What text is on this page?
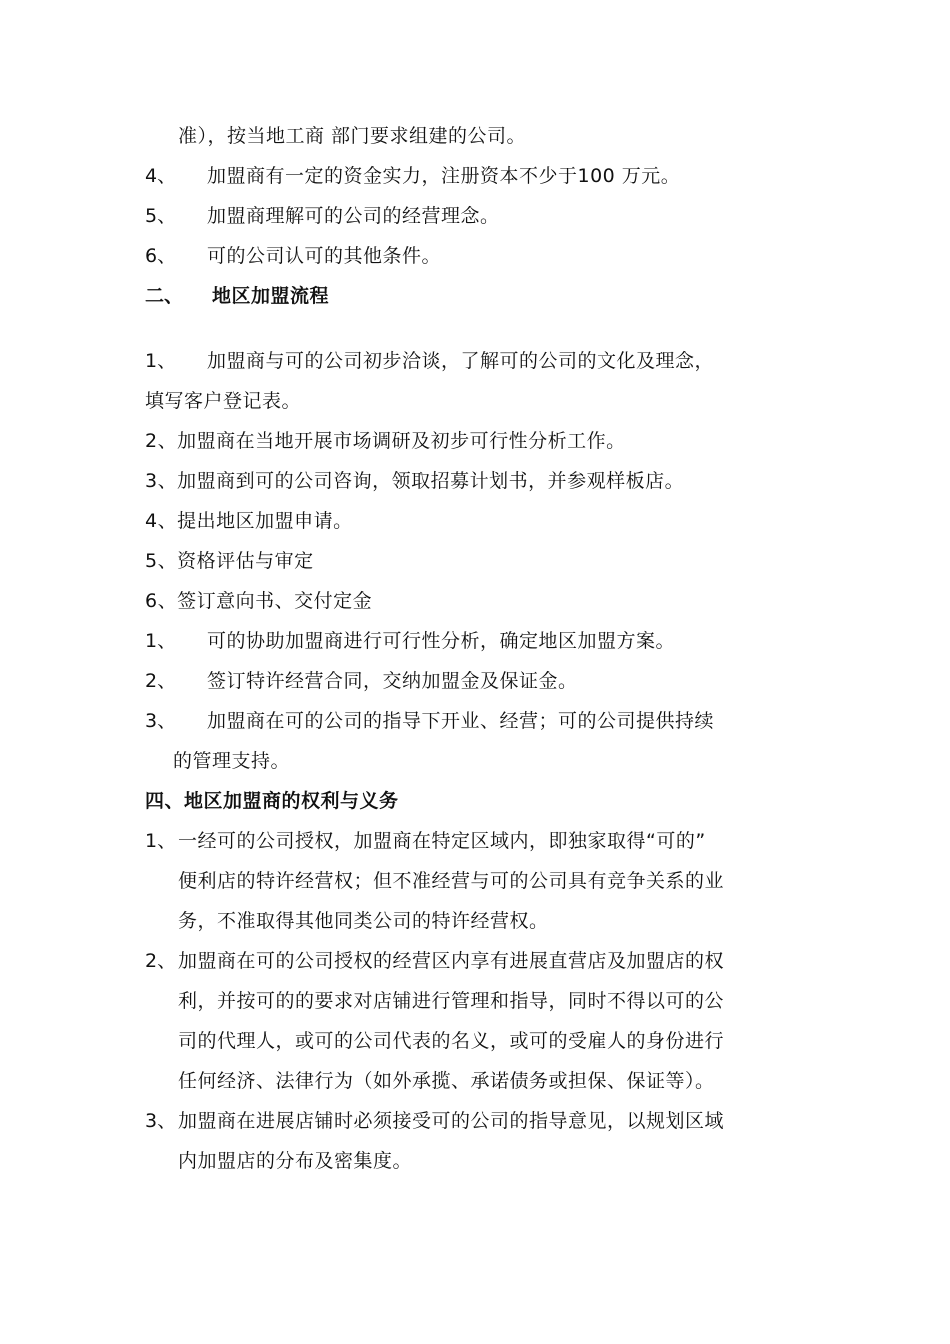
准），按当地工商 部门要求组建的公司。
4、 加盟商有一定的资金实力，注册资本不少于100 万元。
5、 加盟商理解可的公司的经营理念。
6、 可的公司认可的其他条件。
二、 地区加盟流程
1、 加盟商与可的公司初步洽谈，了解可的公司的文化及理念，
填写客户登记表。
2、加盟商在当地开展市场调研及初步可行性分析工作。
3、加盟商到可的公司咨询，领取招募计划书，并参观样板店。
4、提出地区加盟申请。
5、资格评估与审定
6、签订意向书、交付定金
1、 可的协助加盟商进行可行性分析，确定地区加盟方案。
2、 签订特许经营合同，交纳加盟金及保证金。
3、 加盟商在可的公司的指导下开业、经营；可的公司提供持续
的管理支持。
四、地区加盟商的权利与义务
1、 一经可的公司授权，加盟商在特定区域内，即独家取得“可的”
便利店的特许经营权；但不准经营与可的公司具有竞争关系的业
务，不准取得其他同类公司的特许经营权。
2、 加盟商在可的公司授权的经营区内享有进展直营店及加盟店的权
利，并按可的的要求对店铺进行管理和指导，同时不得以可的公
司的代理人，或可的公司代表的名义，或可的受雇人的身份进行
任何经济、法律行为（如外承揽、承诺债务或担保、保证等）。
3、 加盟商在进展店铺时必须接受可的公司的指导意见，以规划区域
内加盟店的分布及密集度。
